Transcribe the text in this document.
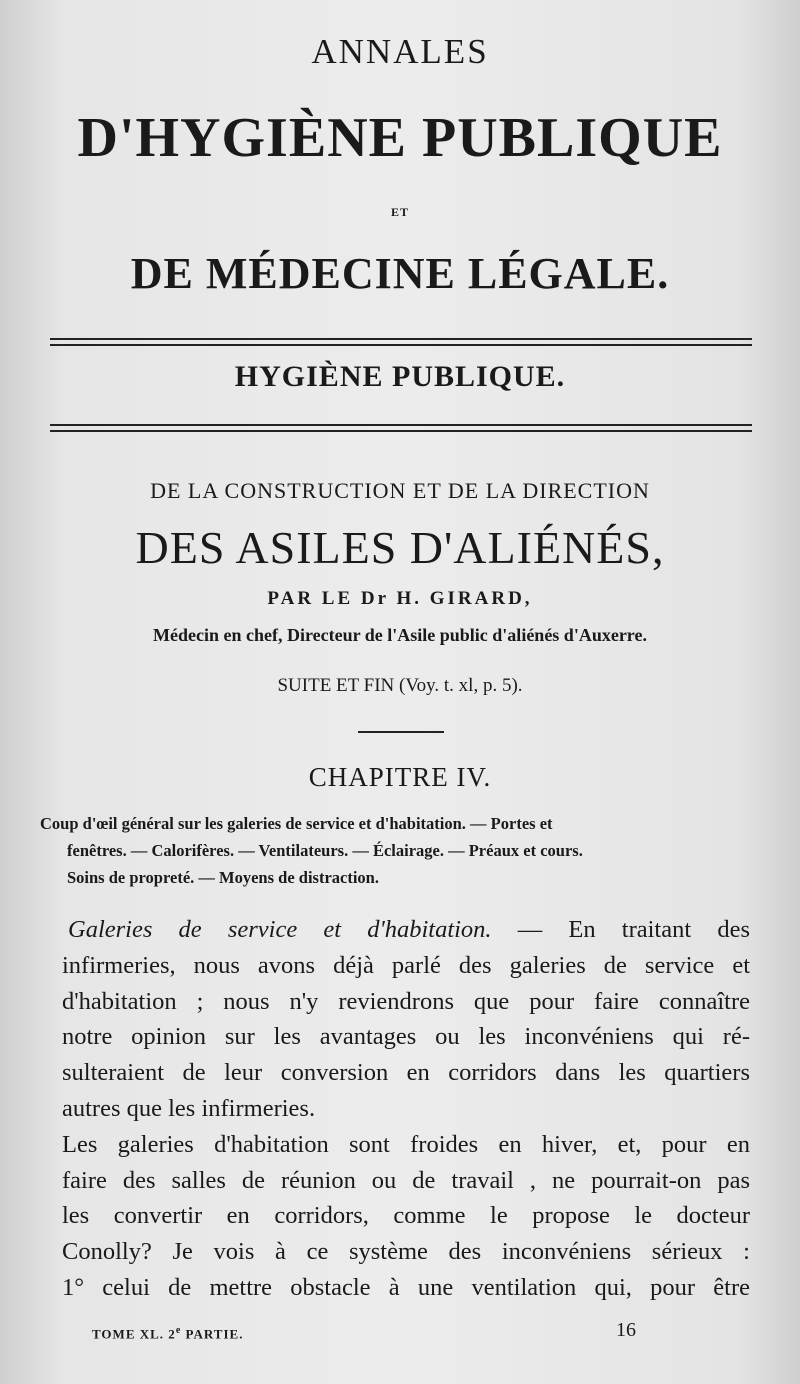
ANNALES
D'HYGIÈNE PUBLIQUE
ET
DE MÉDECINE LÉGALE.
HYGIÈNE PUBLIQUE.
DE LA CONSTRUCTION ET DE LA DIRECTION
DES ASILES D'ALIÉNÉS,
PAR LE Dr H. GIRARD,
Médecin en chef, Directeur de l'Asile public d'aliénés d'Auxerre.
SUITE ET FIN (Voy. t. xl, p. 5).
CHAPITRE IV.
Coup d'œil général sur les galeries de service et d'habitation. — Portes et
fenêtres. — Calorifères. — Ventilateurs. — Éclairage. — Préaux et cours.
Soins de propreté. — Moyens de distraction.
Galeries de service et d'habitation. — En traitant des
infirmeries, nous avons déjà parlé des galeries de service et
d'habitation ; nous n'y reviendrons que pour faire connaître
notre opinion sur les avantages ou les inconvéniens qui ré-
sulteraient de leur conversion en corridors dans les quartiers
autres que les infirmeries.
Les galeries d'habitation sont froides en hiver, et, pour en
faire des salles de réunion ou de travail , ne pourrait-on pas
les convertir en corridors, comme le propose le docteur
Conolly? Je vois à ce système des inconvéniens sérieux :
1° celui de mettre obstacle à une ventilation qui, pour être
TOME XL. 2e PARTIE.	16
